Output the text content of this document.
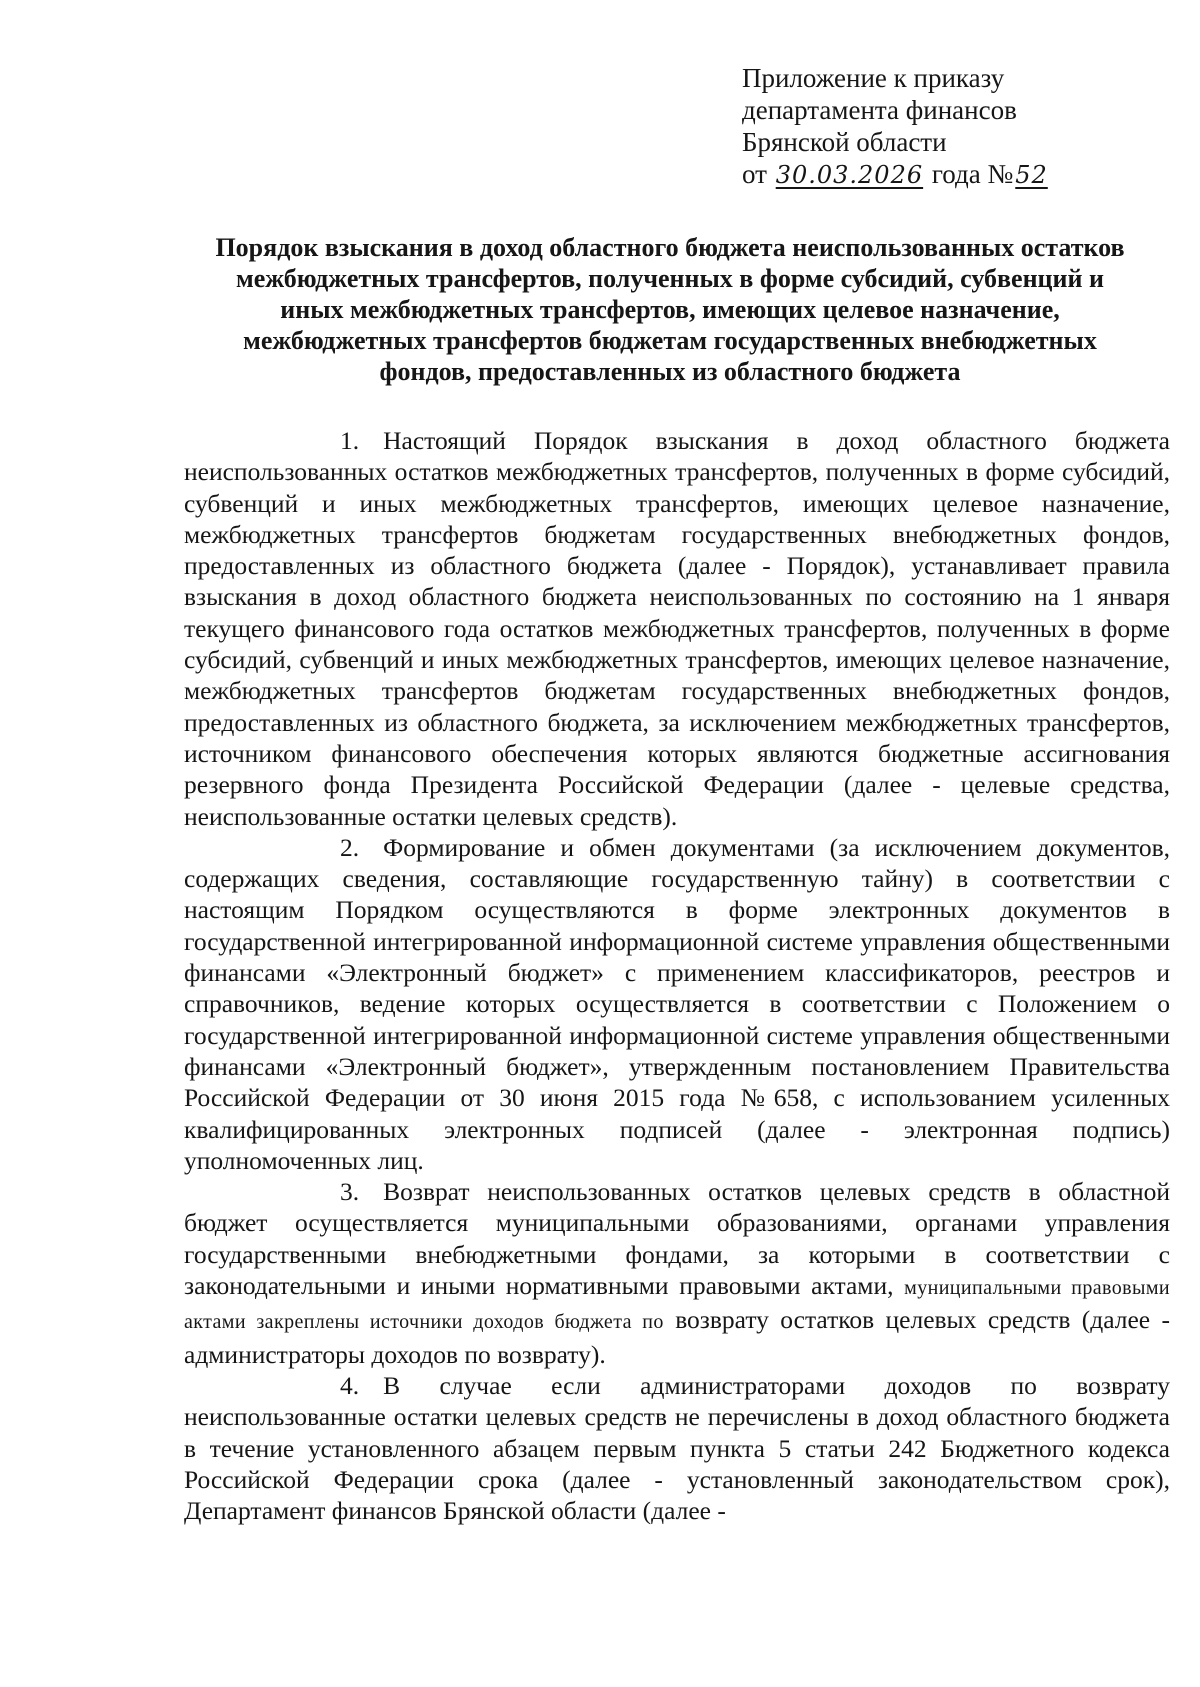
Приложение к приказу
департамента финансов
Брянской области
от 30.03.2026 года №52
Порядок взыскания в доход областного бюджета неиспользованных остатков
межбюджетных трансфертов, полученных в форме субсидий, субвенций и
иных межбюджетных трансфертов, имеющих целевое назначение,
межбюджетных трансфертов бюджетам государственных внебюджетных
фондов, предоставленных из областного бюджета

1. Настоящий Порядок взыскания в доход областного бюджета неиспользованных остатков межбюджетных трансфертов, полученных в форме субсидий, субвенций и иных межбюджетных трансфертов, имеющих целевое назначение, межбюджетных трансфертов бюджетам государственных внебюджетных фондов, предоставленных из областного бюджета (далее - Порядок), устанавливает правила взыскания в доход областного бюджета неиспользованных по состоянию на 1 января текущего финансового года остатков межбюджетных трансфертов, полученных в форме субсидий, субвенций и иных межбюджетных трансфертов, имеющих целевое назначение, межбюджетных трансфертов бюджетам государственных внебюджетных фондов, предоставленных из областного бюджета, за исключением межбюджетных трансфертов, источником финансового обеспечения которых являются бюджетные ассигнования резервного фонда Президента Российской Федерации (далее - целевые средства, неиспользованные остатки целевых средств).

2. Формирование и обмен документами (за исключением документов, содержащих сведения, составляющие государственную тайну) в соответствии с настоящим Порядком осуществляются в форме электронных документов в государственной интегрированной информационной системе управления общественными финансами «Электронный бюджет» с применением классификаторов, реестров и справочников, ведение которых осуществляется в соответствии с Положением о государственной интегрированной информационной системе управления общественными финансами «Электронный бюджет», утвержденным постановлением Правительства Российской Федерации от 30 июня 2015 года №658, с использованием усиленных квалифицированных электронных подписей (далее - электронная подпись) уполномоченных лиц.

3. Возврат неиспользованных остатков целевых средств в областной бюджет осуществляется муниципальными образованиями, органами управления государственными внебюджетными фондами, за которыми в соответствии с законодательными и иными нормативными правовыми актами, муниципальными правовыми актами закреплены источники доходов бюджета по возврату остатков целевых средств (далее - администраторы доходов по возврату).

4. В случае если администраторами доходов по возврату неиспользованные остатки целевых средств не перечислены в доход областного бюджета в течение установленного абзацем первым пункта 5 статьи 242 Бюджетного кодекса Российской Федерации срока (далее - установленный законодательством срок), Департамент финансов Брянской области (далее -
